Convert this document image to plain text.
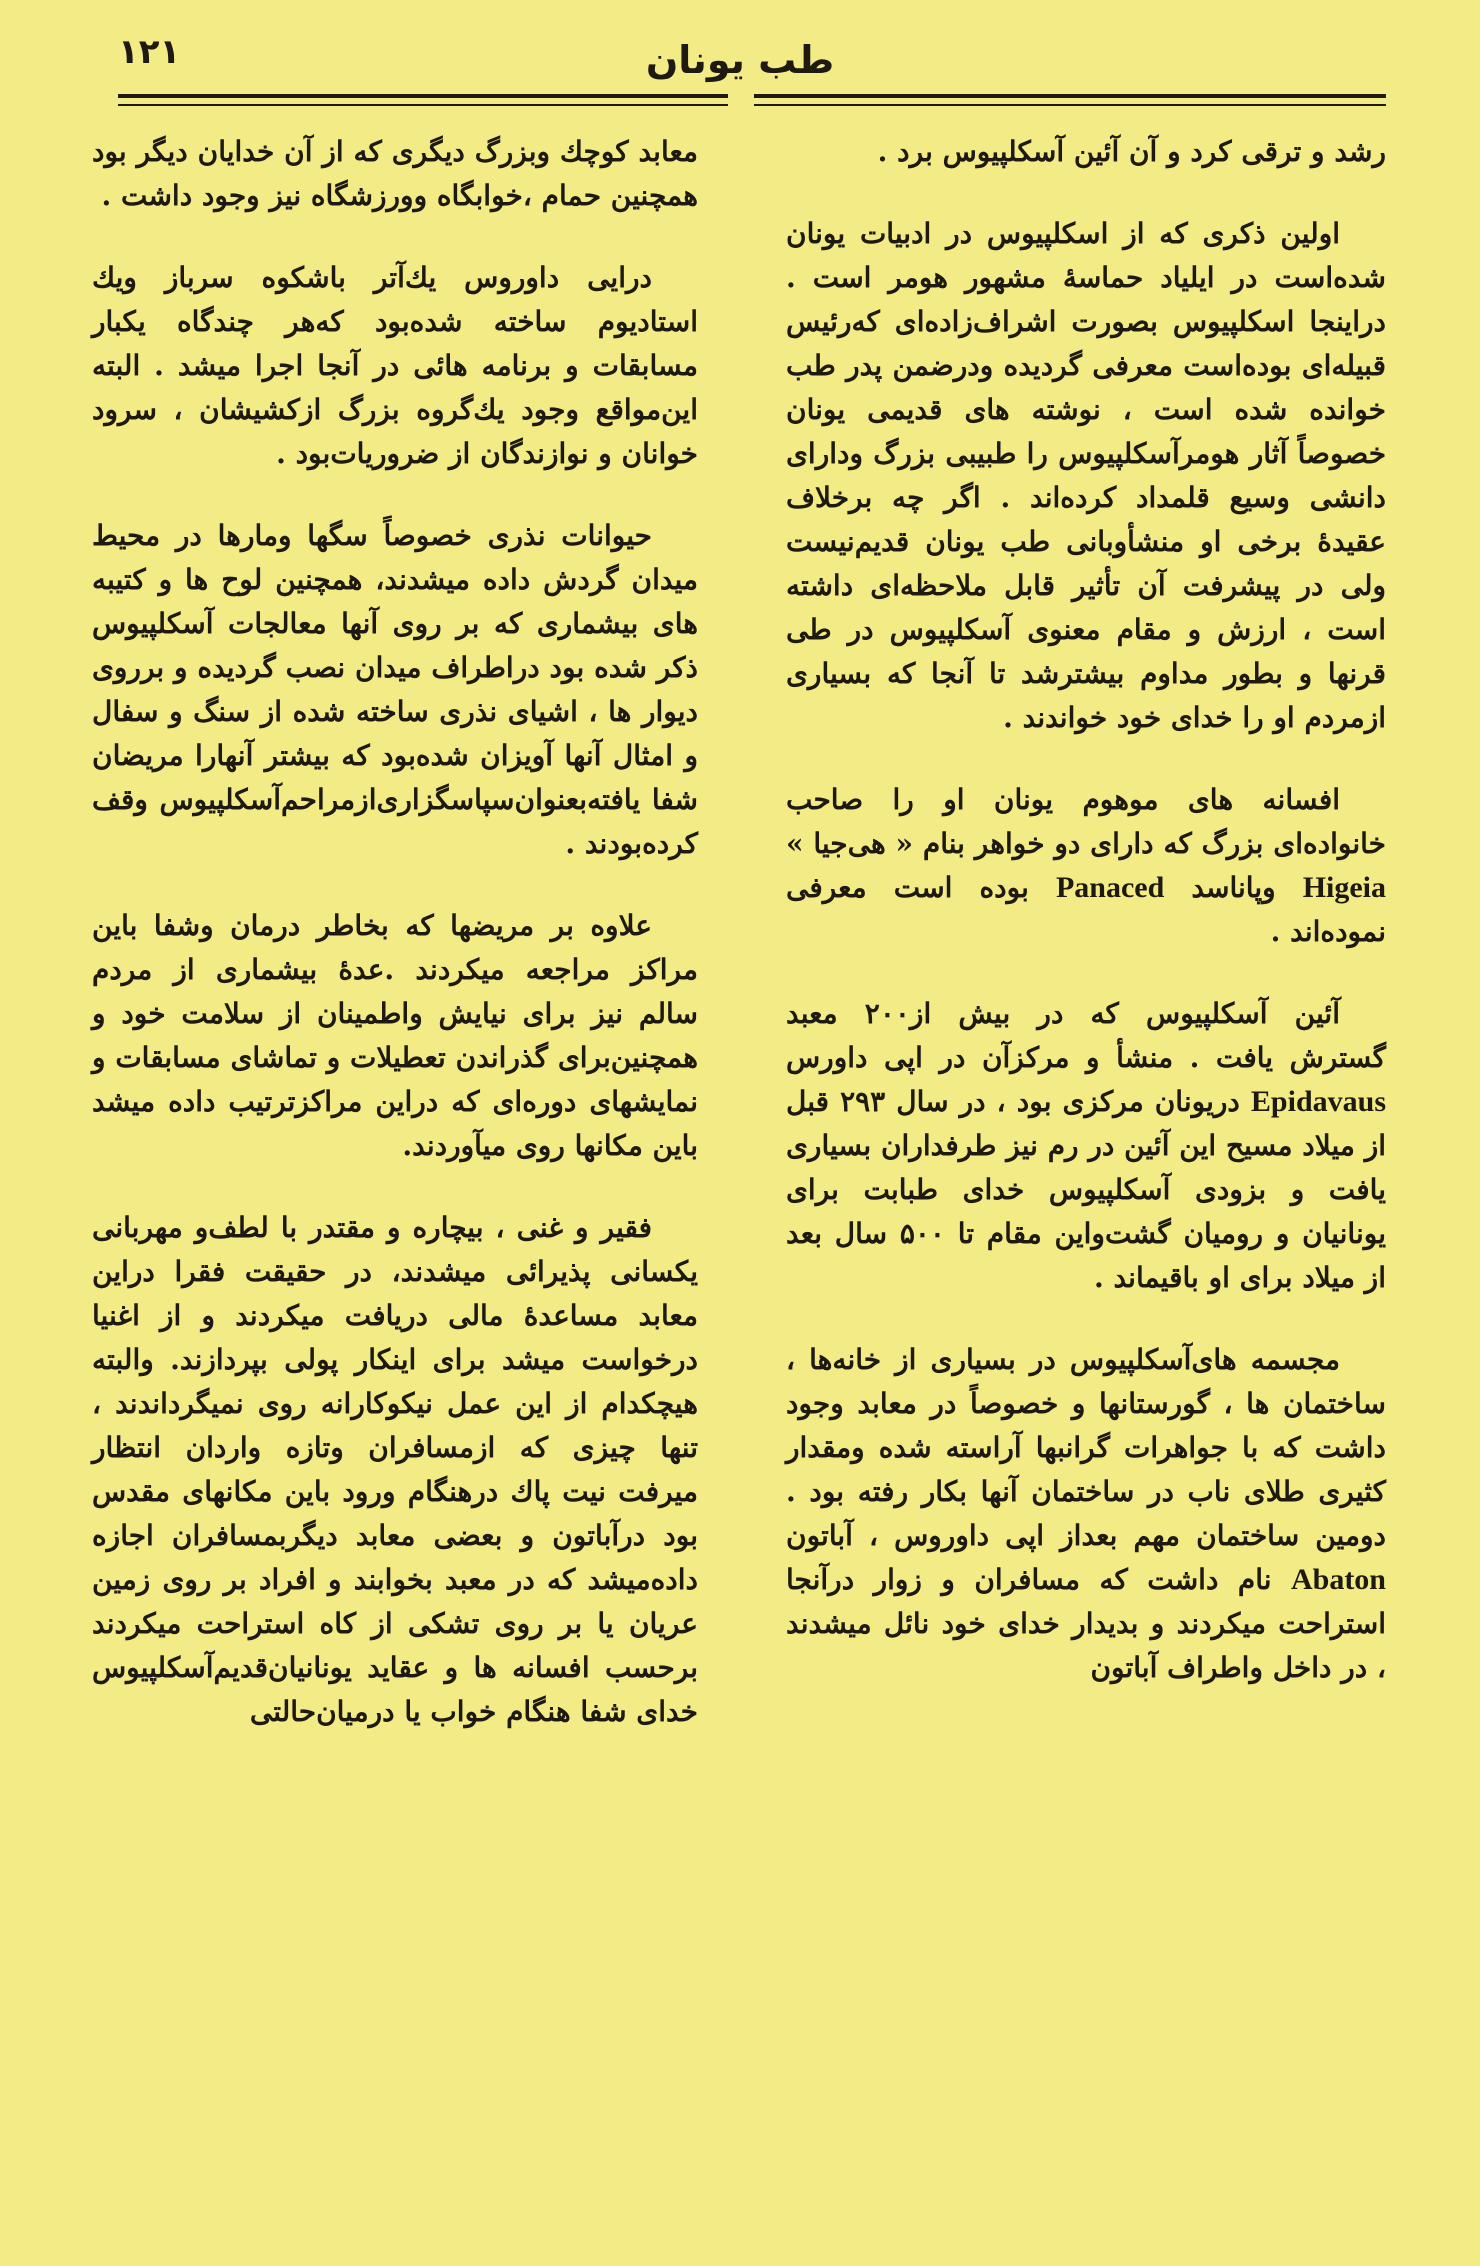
۱۲۱	طب یونان

رشد و ترقی کرد و آن آئین آسکلپیوس برد .

اولین ذکری که از اسکلپیوس در ادبیات یونان شده‌است در ایلیاد حماسهٔ مشهور هومر است . دراینجا اسکلپیوس بصورت اشراف‌زاده‌ای که‌رئیس قبیله‌ای بوده‌است معرفی گردیده ودرضمن پدر طب خوانده شده است ، نوشته های قدیمی یونان خصوصاً آثار هومرآسکلپیوس را طبیبی بزرگ ودارای دانشی وسیع قلمداد کرده‌اند . اگر چه برخلاف عقیدهٔ برخی او منشأوبانی طب یونان قدیم‌نیست ولی در پیشرفت آن تأثیر قابل ملاحظه‌ای داشته است ، ارزش و مقام معنوی آسکلپیوس در طی قرنها و بطور مداوم بیشترشد تا آنجا که بسیاری ازمردم او را خدای خود خواندند .

افسانه های موهوم یونان او را صاحب خانواده‌ای بزرگ که دارای دو خواهر بنام « هی‌جیا » Higeia وپاناسد Panaced بوده است معرفی نموده‌اند .

آئین آسکلپیوس که در بیش از۲۰۰ معبد گسترش یافت . منشأ و مرکزآن در اپی داورس Epidavaus دریونان مرکزی بود ، در سال ۲۹۳ قبل از میلاد مسیح این آئین در رم نیز طرفداران بسیاری یافت و بزودی آسکلپیوس خدای طبابت برای یونانیان و رومیان گشت‌واین مقام تا ۵۰۰ سال بعد از میلاد برای او باقیماند .

مجسمه های‌آسکلپیوس در بسیاری از خانه‌ها ، ساختمان ها ، گورستانها و خصوصاً در معابد وجود داشت که با جواهرات گرانبها آراسته شده ومقدار کثیری طلای ناب در ساختمان آنها بکار رفته بود . دومین ساختمان مهم بعداز اپی داوروس ، آباتون Abaton نام داشت که مسافران و زوار درآنجا استراحت میکردند و بدیدار خدای خود نائل میشدند ، در داخل واطراف آباتون

معابد کوچك وبزرگ دیگری که از آن خدایان دیگر بود همچنین حمام ،خوابگاه وورزشگاه نیز وجود داشت .

درایی داوروس یك‌آتر باشکوه سرباز ویك استادیوم ساخته شده‌بود که‌هر چندگاه یکبار مسابقات و برنامه هائی در آنجا اجرا میشد . البته این‌مواقع وجود یك‌گروه بزرگ ازکشیشان ، سرود خوانان و نوازندگان از ضروریات‌بود .

حیوانات نذری خصوصاً سگها ومارها در محیط میدان گردش داده میشدند، همچنین لوح ها و کتیبه های بیشماری که بر روی آنها معالجات آسکلپیوس ذکر شده بود دراطراف میدان نصب گردیده و برروی دیوار ها ، اشیای نذری ساخته شده از سنگ و سفال و امثال آنها آویزان شده‌بود که بیشتر آنهارا مریضان شفا یافته‌بعنوان‌سپاسگزاری‌ازمراحم‌آسکلپیوس وقف کرده‌بودند .

علاوه بر مریضها که بخاطر درمان وشفا باین مراکز مراجعه میکردند .عدهٔ بیشماری از مردم سالم نیز برای نیایش واطمینان از سلامت خود و همچنین‌برای گذراندن تعطیلات و تماشای مسابقات و نمایشهای دوره‌ای که دراین مراکزترتیب داده میشد باین مکانها روی میآوردند.

فقیر و غنی ، بیچاره و مقتدر با لطف‌و مهربانی یکسانی پذیرائی میشدند، در حقیقت فقرا دراین معابد مساعدهٔ مالی دریافت میکردند و از اغنیا درخواست میشد برای اینکار پولی بپردازند. والبته هیچکدام از این عمل نیکوکارانه روی نمیگرداندند ، تنها چیزی که ازمسافران وتازه واردان انتظار میرفت نیت پاك درهنگام ورود باین مکانهای مقدس بود درآباتون و بعضی معابد دیگربمسافران اجازه داده‌میشد که در معبد بخوابند و افراد بر روی زمین عریان یا بر روی تشکی از کاه استراحت میکردند برحسب افسانه ها و عقاید یونانیان‌قدیم‌آسکلپیوس خدای شفا هنگام خواب یا درمیان‌حالتی
